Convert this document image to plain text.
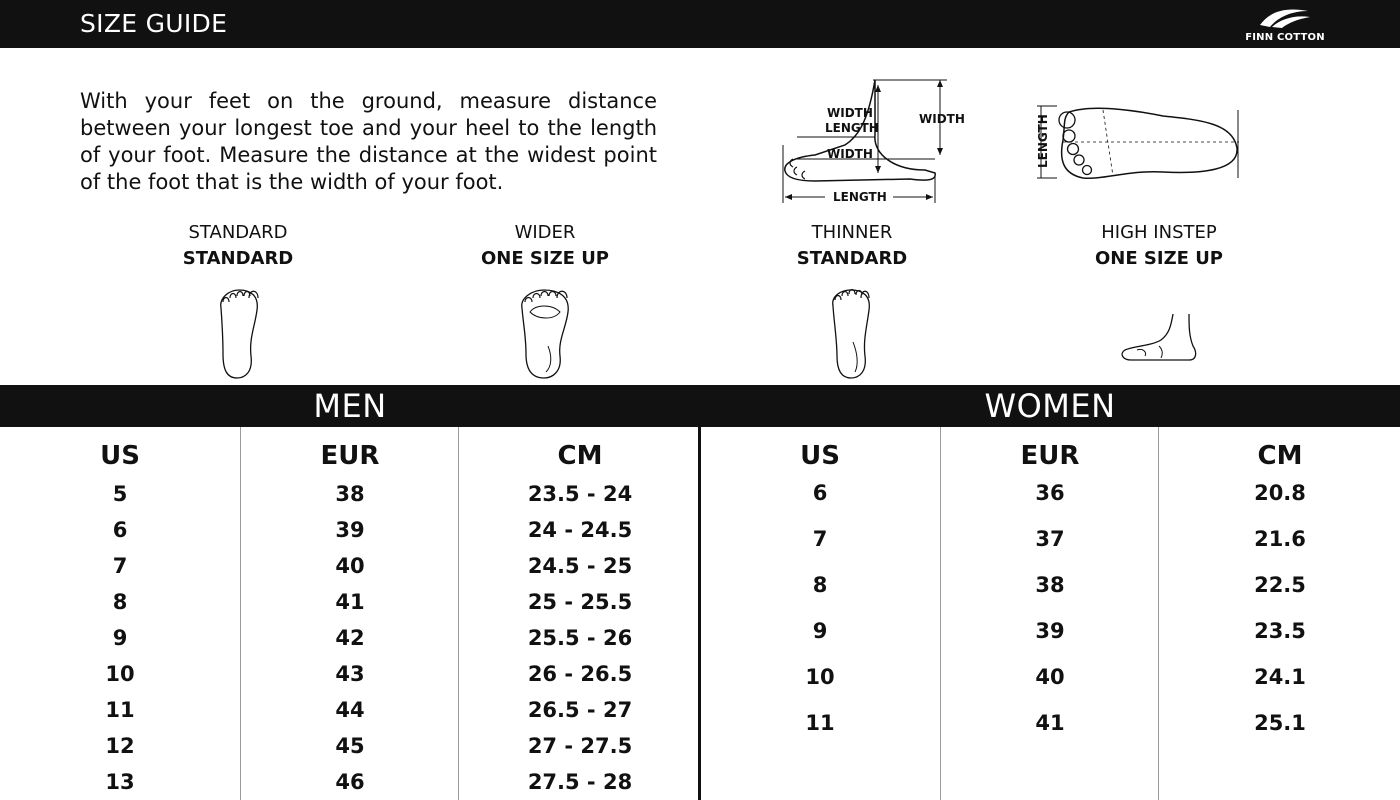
SIZE GUIDE	FINN COTTON

With your feet on the ground, measure distance between your longest toe and your heel to the length of your foot. Measure the distance at the widest point of the foot that is the width of your foot.

WIDTH
LENGTH
WIDTH
WIDTH
LENGTH
LENGTH
STANDARD
STANDARD
WIDER
ONE SIZE UP
THINNER
STANDARD
HIGH INSTEP
ONE SIZE UP
MEN	WOMEN
US
5
6
7
8
9
10
11
12
13
EUR
38
39
40
41
42
43
44
45
46
CM
23.5 - 24
24 - 24.5
24.5 - 25
25 - 25.5
25.5 - 26
26 - 26.5
26.5 - 27
27 - 27.5
27.5 - 28
US
6
7
8
9
10
11
EUR
36
37
38
39
40
41
CM
20.8
21.6
22.5
23.5
24.1
25.1
